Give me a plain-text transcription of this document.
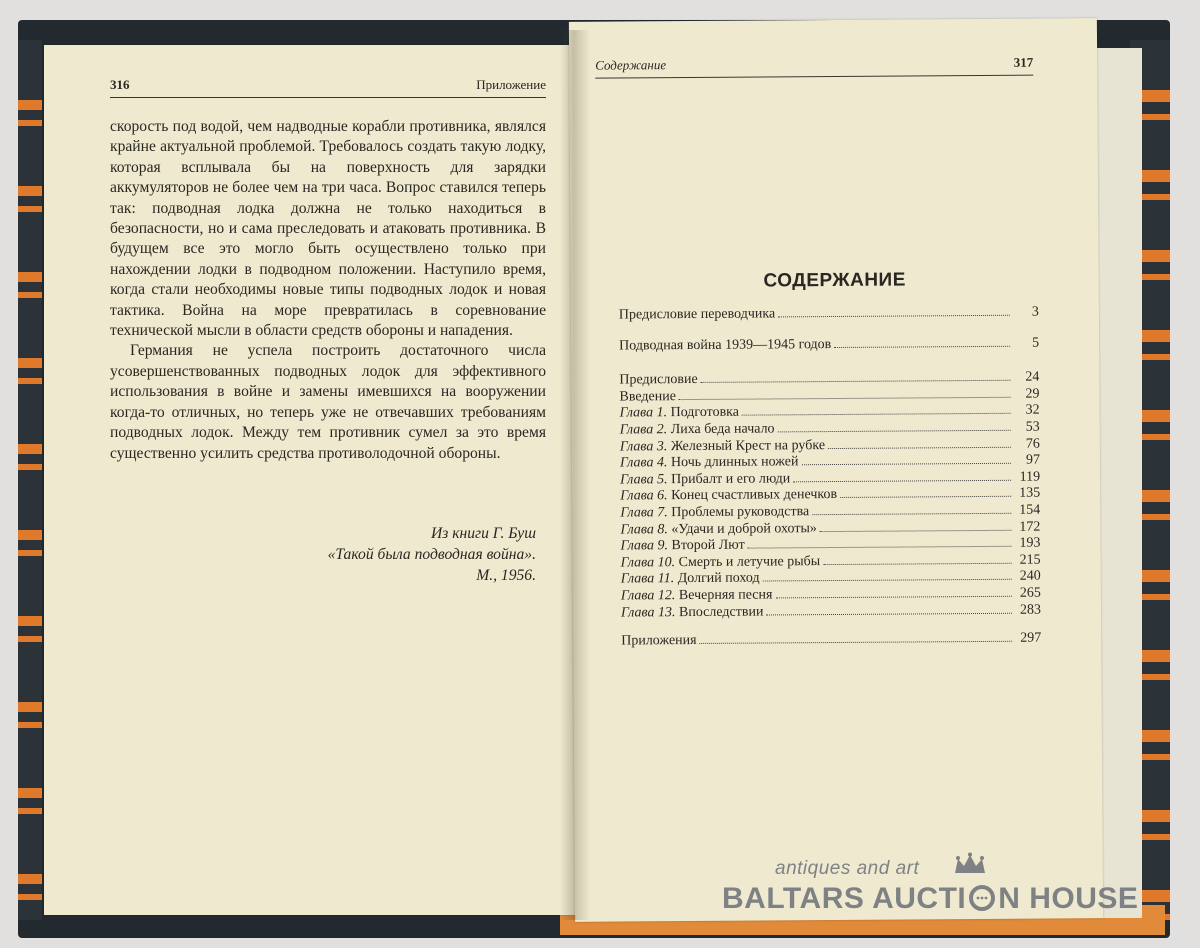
316	Приложение

скорость под водой, чем надводные корабли противника, являлся крайне актуальной проблемой. Требовалось создать такую лодку, которая всплывала бы на поверхность для зарядки аккумуляторов не более чем на три часа. Вопрос ставился теперь так: подводная лодка должна не только находиться в безопасности, но и сама преследовать и атаковать противника. В будущем все это могло быть осуществлено только при нахождении лодки в подводном положении. Наступило время, когда стали необходимы новые типы подводных лодок и новая тактика. Война на море превратилась в соревнование технической мысли в области средств обороны и нападения.

Германия не успела построить достаточного числа усовершенствованных подводных лодок для эффективного использования в войне и замены имевшихся на вооружении когда-то отличных, но теперь уже не отвечавших требованиям подводных лодок. Между тем противник сумел за это время существенно усилить средства противолодочной обороны.

Из книги Г. Буш
«Такой была подводная война».
М., 1956.
Содержание	317
СОДЕРЖАНИЕ
Предисловие переводчика	3
Подводная война 1939—1945 годов	5
Предисловие	24
Введение	29
Глава 1. Подготовка	32
Глава 2. Лиха беда начало	53
Глава 3. Железный Крест на рубке	76
Глава 4. Ночь длинных ножей	97
Глава 5. Прибалт и его люди	119
Глава 6. Конец счастливых денечков	135
Глава 7. Проблемы руководства	154
Глава 8. «Удачи и доброй охоты»	172
Глава 9. Второй Лют	193
Глава 10. Смерть и летучие рыбы	215
Глава 11. Долгий поход	240
Глава 12. Вечерняя песня	265
Глава 13. Впоследствии	283
Приложения	297
antiques and art
BALTARS AUCTI N HOUSE
